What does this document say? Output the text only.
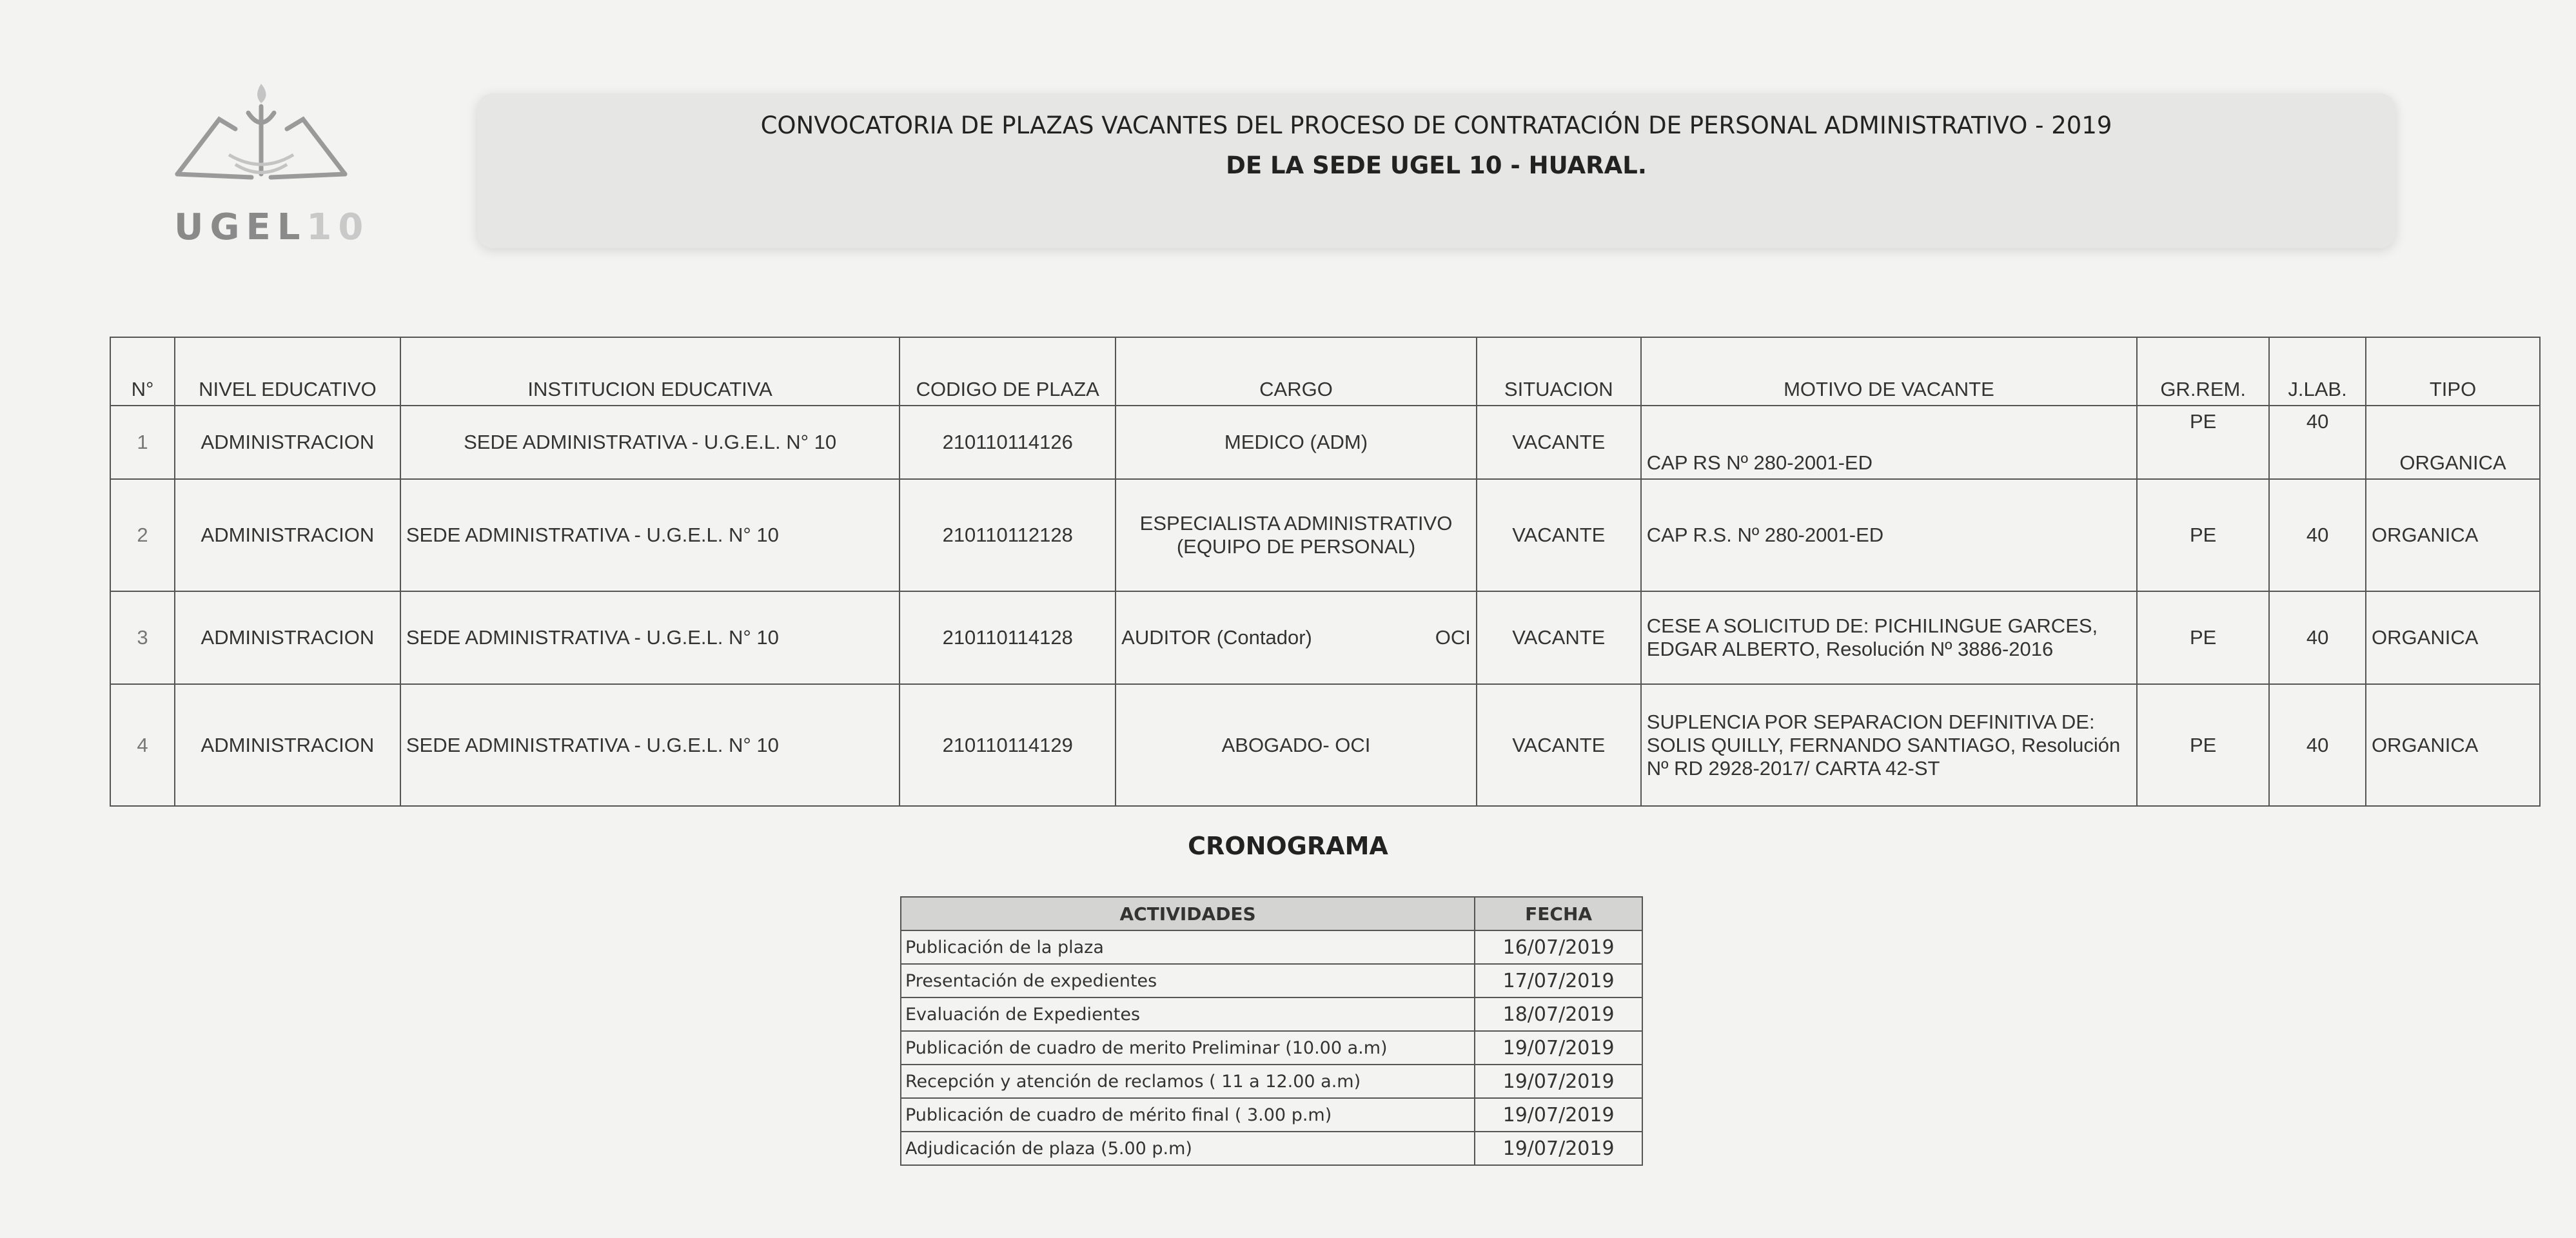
UGEL10
CONVOCATORIA DE PLAZAS VACANTES DEL PROCESO DE CONTRATACIÓN DE PERSONAL ADMINISTRATIVO - 2019
DE LA SEDE UGEL 10 - HUARAL.
N°	NIVEL EDUCATIVO	INSTITUCION EDUCATIVA	CODIGO DE PLAZA	CARGO	SITUACION	MOTIVO DE VACANTE	GR.REM.	J.LAB.	TIPO
1	ADMINISTRACION	SEDE ADMINISTRATIVA - U.G.E.L. N° 10	210110114126	MEDICO (ADM)	VACANTE	CAP RS Nº 280-2001-ED	PE	40	ORGANICA
2	ADMINISTRACION	SEDE ADMINISTRATIVA - U.G.E.L. N° 10	210110112128	ESPECIALISTA ADMINISTRATIVO (EQUIPO DE PERSONAL)	VACANTE	CAP R.S. Nº 280-2001-ED	PE	40	ORGANICA
3	ADMINISTRACION	SEDE ADMINISTRATIVA - U.G.E.L. N° 10	210110114128	AUDITOR (Contador) OCI	VACANTE	CESE A SOLICITUD DE: PICHILINGUE GARCES, EDGAR ALBERTO, Resolución Nº 3886-2016	PE	40	ORGANICA
4	ADMINISTRACION	SEDE ADMINISTRATIVA - U.G.E.L. N° 10	210110114129	ABOGADO- OCI	VACANTE	SUPLENCIA POR SEPARACION DEFINITIVA DE: SOLIS QUILLY, FERNANDO SANTIAGO, Resolución Nº RD 2928-2017/ CARTA 42-ST	PE	40	ORGANICA
CRONOGRAMA
ACTIVIDADES	FECHA
Publicación de la plaza	16/07/2019
Presentación de expedientes	17/07/2019
Evaluación de Expedientes	18/07/2019
Publicación de cuadro de merito Preliminar (10.00 a.m)	19/07/2019
Recepción y atención de reclamos ( 11 a 12.00 a.m)	19/07/2019
Publicación de cuadro de mérito final ( 3.00 p.m)	19/07/2019
Adjudicación de plaza (5.00 p.m)	19/07/2019
